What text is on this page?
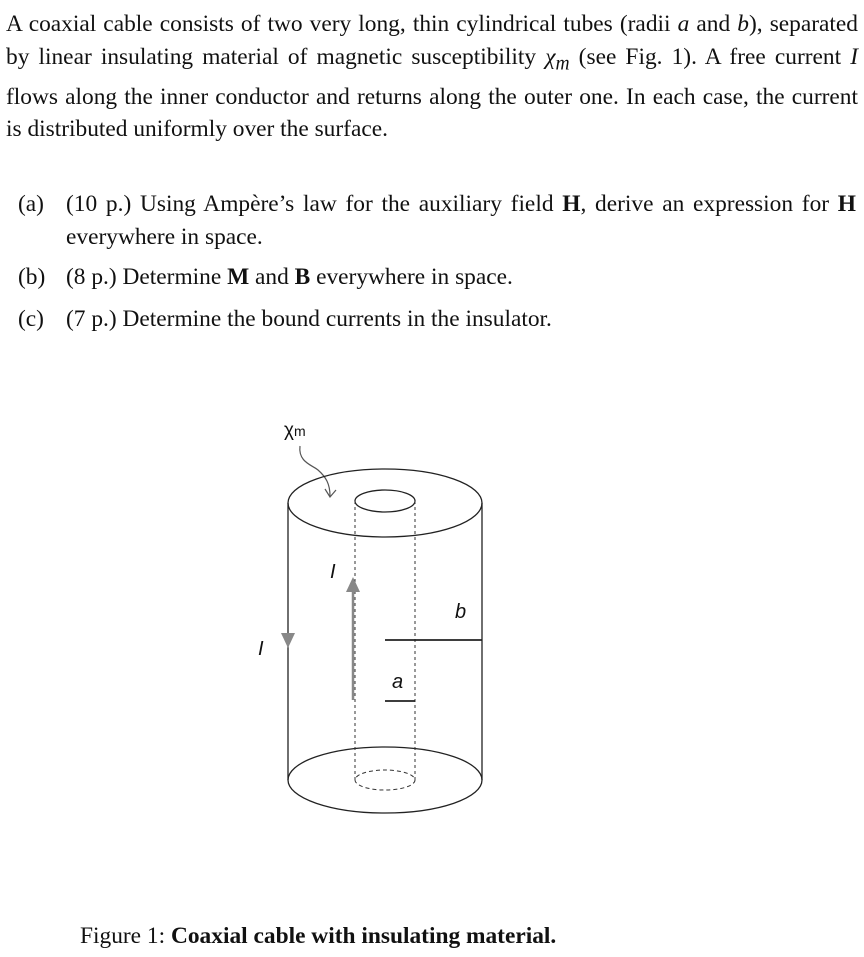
A coaxial cable consists of two very long, thin cylindrical tubes (radii a and b), separated by linear insulating material of magnetic susceptibility $\chi_m$ (see Fig. 1). A free current I flows along the inner conductor and returns along the outer one. In each case, the current is distributed uniformly over the surface.

(a) (10 p.) Using Ampère’s law for the auxiliary field H, derive an expression for H everywhere in space.
(b) (8 p.) Determine M and B everywhere in space.
(c) (7 p.) Determine the bound currents in the insulator.
χm
I
I
b
a

Figure 1: Coaxial cable with insulating material.
